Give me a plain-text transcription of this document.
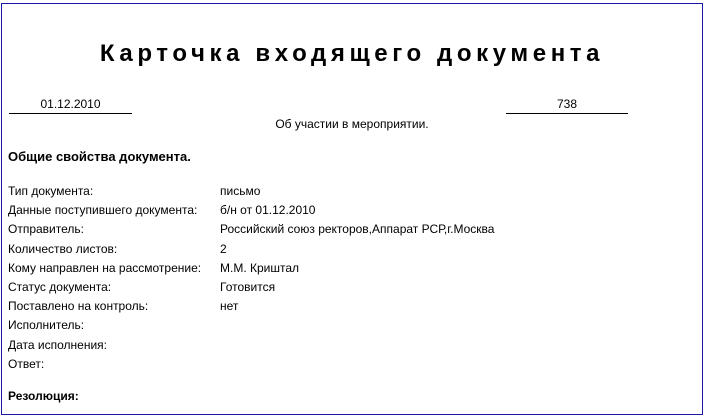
Карточка входящего документа
01.12.2010	738
Об участии в мероприятии.
Общие свойства документа.
Тип документа:	письмо
Данные поступившего документа: б/н от 01.12.2010
Отправитель:	Российский союз ректоров,Аппарат РСР,г.Москва
Количество листов:	2
Кому направлен на рассмотрение: М.М. Криштал
Статус документа:	Готовится
Поставлено на контроль:	нет
Исполнитель:
Дата исполнения:
Ответ:
Резолюция:
